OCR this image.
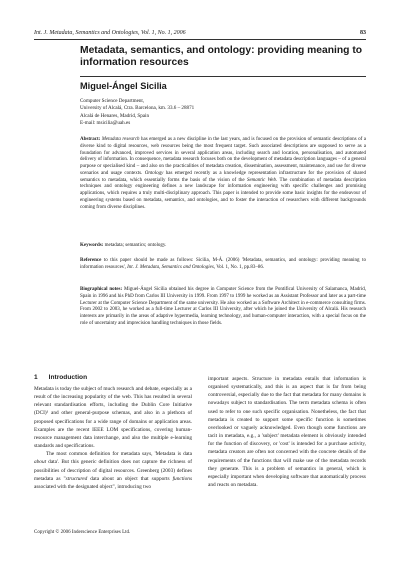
Int. J. Metadata, Semantics and Ontologies, Vol. 1, No. 1, 2006	83
Metadata, semantics, and ontology: providing meaning to information resources
Miguel-Ángel Sicilia
Computer Science Department,
University of Alcalá, Ctra. Barcelona, km. 33.6 – 28871
Alcalá de Henares, Madrid, Spain
E-mail: msicilia@uah.es
Abstract: Metadata research has emerged as a new discipline in the last years, and is focused on the provision of semantic descriptions of a diverse kind to digital resources, web resources being the most frequent target. Such associated descriptions are supposed to serve as a foundation for advanced, improved services in several application areas, including search and location, personalisation, and automated delivery of information. In consequence, metadata research focuses both on the development of metadata description languages – of a general purpose or specialised kind – and also on the practicalities of metadata creation, dissemination, assessment, maintenance, and use for diverse scenarios and usage contexts. Ontology has emerged recently as a knowledge representation infrastructure for the provision of shared semantics to metadata, which essentially forms the basis of the vision of the Semantic Web. The combination of metadata description techniques and ontology engineering defines a new landscape for information engineering with specific challenges and promising applications, which requires a truly multi-disciplinary approach. This paper is intended to provide some basic insights for the endeavour of engineering systems based on metadata, semantics, and ontologies, and to foster the interaction of researchers with different backgrounds coming from diverse disciplines.
Keywords: metadata; semantics; ontology.
Reference to this paper should be made as follows: Sicilia, M-Á. (2006) 'Metadata, semantics, and ontology: providing meaning to information resources', Int. J. Metadata, Semantics and Ontologies, Vol. 1, No. 1, pp.83–86.
Biographical notes: Miguel-Ángel Sicilia obtained his degree in Computer Science from the Pontifical University of Salamanca, Madrid, Spain in 1996 and his PhD from Carlos III University in 1999. From 1997 to 1999 he worked as an Assistant Professor and later as a part-time Lecturer at the Computer Science Department of the same university. He also worked as a Software Architect in e-commerce consulting firms. From 2002 to 2003, he worked as a full-time Lecturer at Carlos III University, after which he joined the University of Alcalá. His research interests are primarily in the areas of adaptive hypermedia, learning technology, and human-computer interaction, with a special focus on the role of uncertainty and imprecision handling techniques in those fields.
1      Introduction

Metadata is today the subject of much research and debate, especially as a result of the increasing popularity of the web. This has resulted in several relevant standardisation efforts, including the Dublin Core Initiative (DCI)¹ and other general-purpose schemas, and also in a plethora of proposed specifications for a wide range of domains or application areas. Examples are the recent IEEE LOM specifications, covering human-resource management data interchange, and also the multiple e-learning standards and specifications.

The most common definition for metadata says, 'Metadata is data about data'. But this generic definition does not capture the richness of possibilities of description of digital resources. Greenberg (2003) defines metadata as "structured data about an object that supports functions associated with the designated object", introducing two

important aspects. Structure in metadata entails that information is organised systematically, and this is an aspect that is far from being controversial, especially due to the fact that metadata for many domains is nowadays subject to standardisation. The term metadata schema is often used to refer to one such specific organisation. Nonetheless, the fact that metadata is created to support some specific function is sometimes overlooked or vaguely acknowledged. Even though some functions are tacit in metadata, e.g., a 'subject' metadata element is obviously intended for the function of discovery, or 'cost' is intended for a purchase activity, metadata creators are often not concerned with the concrete details of the requirements of the functions that will make use of the metadata records they generate. This is a problem of semantics in general, which is especially important when developing software that automatically process and reacts on metadata.

Copyright © 2006 Inderscience Enterprises Ltd.
